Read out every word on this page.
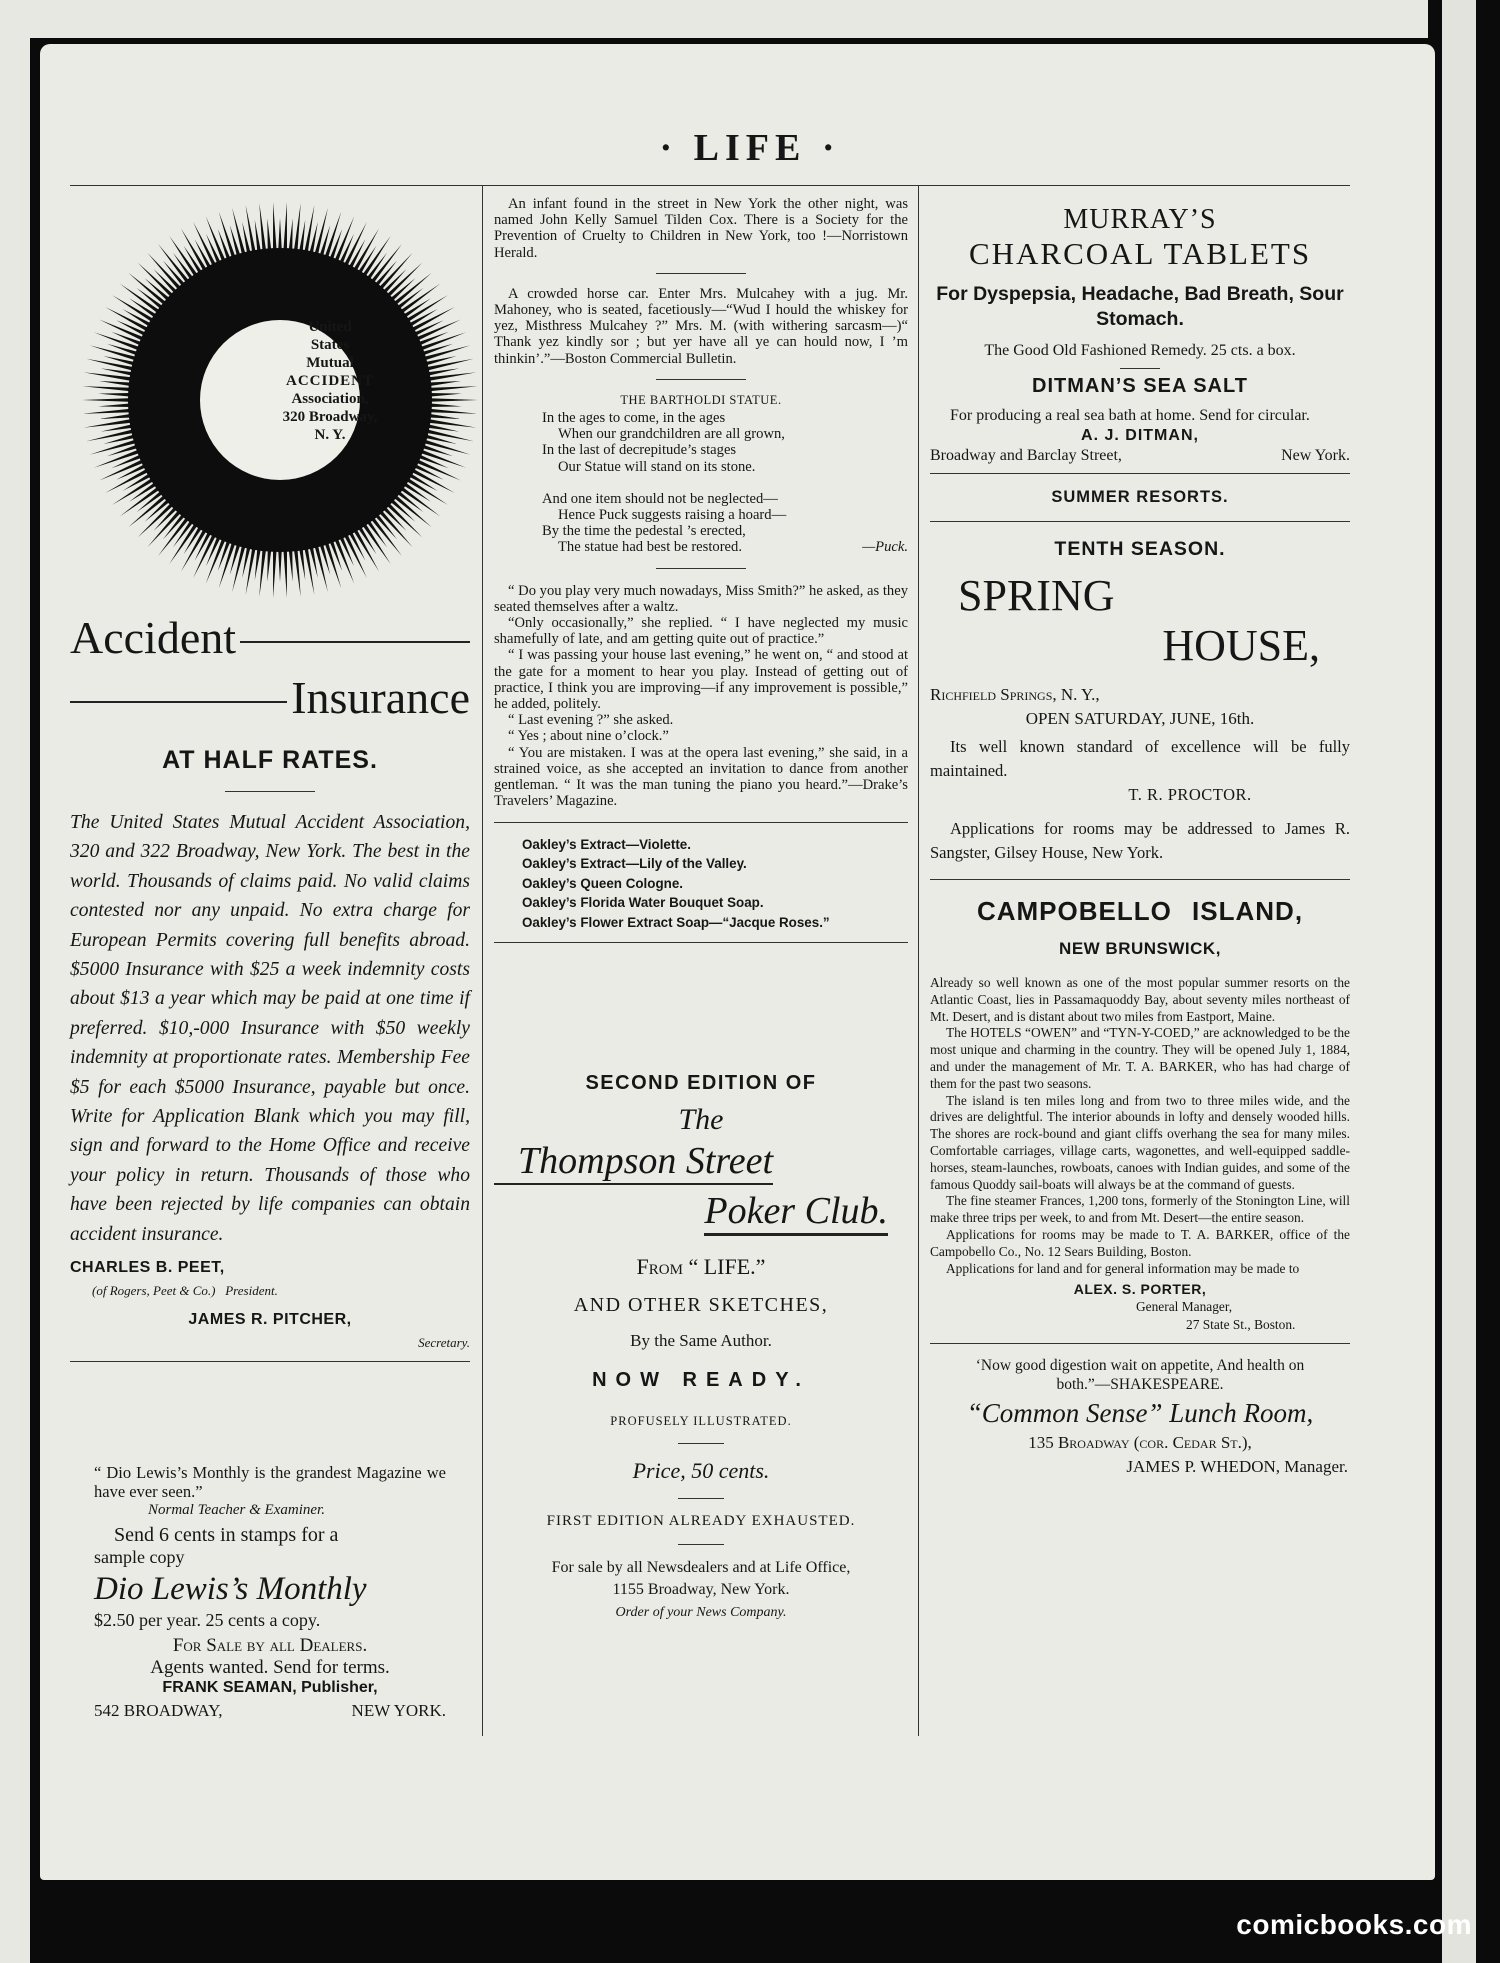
· LIFE ·
United
States
Mutual
ACCIDENT
Association,
320 Broadway,
N. Y.
Accident
Insurance

AT HALF RATES.

The United States Mutual Accident Association, 320 and 322 Broadway, New York. The best in the world. Thousands of claims paid. No valid claims contested nor any unpaid. No extra charge for European Permits covering full benefits abroad. $5000 Insurance with $25 a week indemnity costs about $13 a year which may be paid at one time if preferred. $10,-000 Insurance with $50 weekly indemnity at proportionate rates. Membership Fee $5 for each $5000 Insurance, payable but once. Write for Application Blank which you may fill, sign and forward to the Home Office and receive your policy in return. Thousands of those who have been rejected by life companies can obtain accident insurance.

CHARLES B. PEET,

(of Rogers, Peet & Co.) President.

JAMES R. PITCHER,

Secretary.

“ Dio Lewis’s Monthly is the grandest Magazine we have ever seen.”

Normal Teacher & Examiner.

Send 6 cents in stamps for a

sample copy

Dio Lewis’s Monthly

$2.50 per year. 25 cents a copy.

For Sale by all Dealers.

Agents wanted. Send for terms.

FRANK SEAMAN, Publisher,

542 BROADWAY,	NEW YORK.

An infant found in the street in New York the other night, was named John Kelly Samuel Tilden Cox. There is a Society for the Prevention of Cruelty to Children in New York, too !—Norristown Herald.

A crowded horse car. Enter Mrs. Mulcahey with a jug. Mr. Mahoney, who is seated, facetiously—“Wud I hould the whiskey for yez, Misthress Mulcahey ?” Mrs. M. (with withering sarcasm—)“ Thank yez kindly sor ; but yer have all ye can hould now, I ’m thinkin’.”—Boston Commercial Bulletin.

THE BARTHOLDI STATUE.

In the ages to come, in the ages
When our grandchildren are all grown,
In the last of decrepitude’s stages
Our Statue will stand on its stone.
And one item should not be neglected—
Hence Puck suggests raising a hoard—
By the time the pedestal ’s erected,
The statue had best be restored.	—Puck.

“ Do you play very much nowadays, Miss Smith?” he asked, as they seated themselves after a waltz.

“Only occasionally,” she replied. “ I have neglected my music shamefully of late, and am getting quite out of practice.”

“ I was passing your house last evening,” he went on, “ and stood at the gate for a moment to hear you play. Instead of getting out of practice, I think you are improving—if any improvement is possible,” he added, politely.

“ Last evening ?” she asked.

“ Yes ; about nine o’clock.”

“ You are mistaken. I was at the opera last evening,” she said, in a strained voice, as she accepted an invitation to dance from another gentleman. “ It was the man tuning the piano you heard.”—Drake’s Travelers’ Magazine.

Oakley’s Extract—Violette.
Oakley’s Extract—Lily of the Valley.
Oakley’s Queen Cologne.
Oakley’s Florida Water Bouquet Soap.
Oakley’s Flower Extract Soap—“Jacque Roses.”

SECOND EDITION OF

The

Thompson Street

Poker Club.

From “ LIFE.”

AND OTHER SKETCHES,

By the Same Author.

NOW READY.

PROFUSELY ILLUSTRATED.

Price, 50 cents.

FIRST EDITION ALREADY EXHAUSTED.

For sale by all Newsdealers and at Life Office,

1155 Broadway, New York.

Order of your News Company.

MURRAY’S

CHARCOAL TABLETS

For Dyspepsia, Headache, Bad Breath, Sour Stomach.

The Good Old Fashioned Remedy. 25 cts. a box.

DITMAN’S SEA SALT

For producing a real sea bath at home. Send for circular.

A. J. DITMAN,

Broadway and Barclay Street,	New York.

SUMMER RESORTS.

TENTH SEASON.

SPRING

HOUSE,

Richfield Springs, N. Y.,

OPEN SATURDAY, JUNE, 16th.

Its well known standard of excellence will be fully maintained.

T. R. PROCTOR.

Applications for rooms may be addressed to James R. Sangster, Gilsey House, New York.

CAMPOBELLO ISLAND,

NEW BRUNSWICK,

Already so well known as one of the most popular summer resorts on the Atlantic Coast, lies in Passamaquoddy Bay, about seventy miles northeast of Mt. Desert, and is distant about two miles from Eastport, Maine.

The HOTELS “OWEN” and “TYN-Y-COED,” are acknowledged to be the most unique and charming in the country. They will be opened July 1, 1884, and under the management of Mr. T. A. BARKER, who has had charge of them for the past two seasons.

The island is ten miles long and from two to three miles wide, and the drives are delightful. The interior abounds in lofty and densely wooded hills. The shores are rock-bound and giant cliffs overhang the sea for many miles. Comfortable carriages, village carts, wagonettes, and well-equipped saddle-horses, steam-launches, rowboats, canoes with Indian guides, and some of the famous Quoddy sail-boats will always be at the command of guests.

The fine steamer Frances, 1,200 tons, formerly of the Stonington Line, will make three trips per week, to and from Mt. Desert—the entire season.

Applications for rooms may be made to T. A. BARKER, office of the Campobello Co., No. 12 Sears Building, Boston.

Applications for land and for general information may be made to

ALEX. S. PORTER,

General Manager,

27 State St., Boston.

‘Now good digestion wait on appetite, And health on both.”—SHAKESPEARE.

“Common Sense” Lunch Room,

135 Broadway (cor. Cedar St.),

JAMES P. WHEDON, Manager.

comicbooks.com
